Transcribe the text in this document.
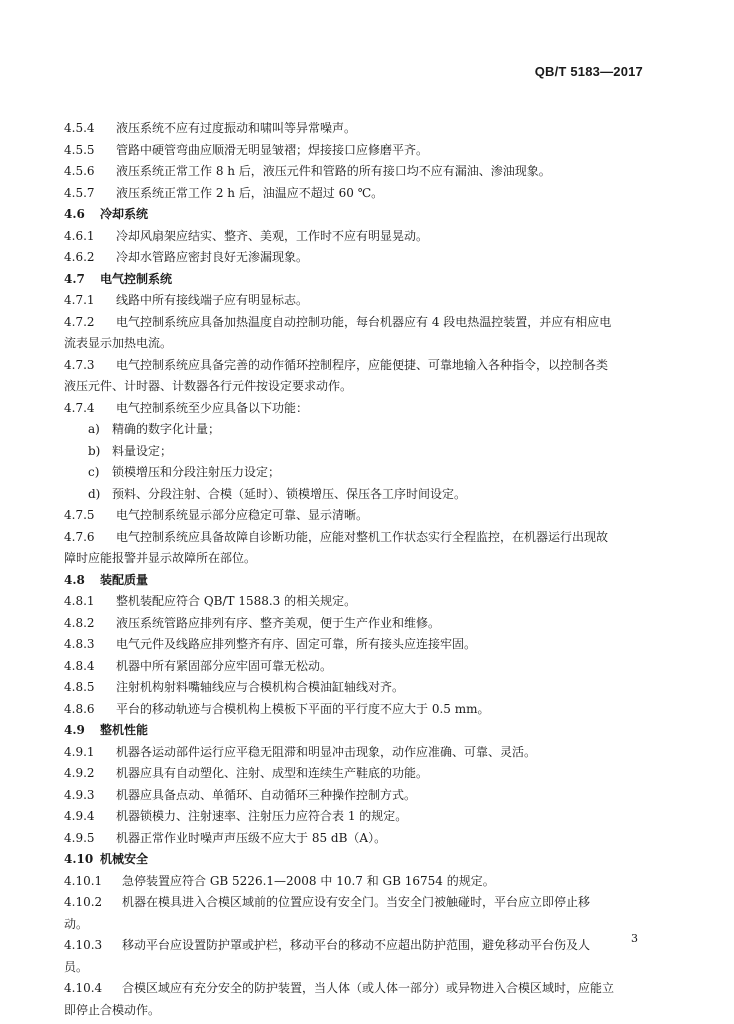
QB/T 5183—2017
4.5.4 液压系统不应有过度振动和啸叫等异常噪声。
4.5.5 管路中硬管弯曲应顺滑无明显皱褶；焊接接口应修磨平齐。
4.5.6 液压系统正常工作 8 h 后，液压元件和管路的所有接口均不应有漏油、渗油现象。
4.5.7 液压系统正常工作 2 h 后，油温应不超过 60 ℃。
4.6 冷却系统
4.6.1 冷却风扇架应结实、整齐、美观，工作时不应有明显晃动。
4.6.2 冷却水管路应密封良好无渗漏现象。
4.7 电气控制系统
4.7.1 线路中所有接线端子应有明显标志。
4.7.2 电气控制系统应具备加热温度自动控制功能，每台机器应有 4 段电热温控装置，并应有相应电
流表显示加热电流。
4.7.3 电气控制系统应具备完善的动作循环控制程序，应能便捷、可靠地输入各种指令，以控制各类
液压元件、计时器、计数器各行元件按设定要求动作。
4.7.4 电气控制系统至少应具备以下功能：
a) 精确的数字化计量；
b) 料量设定；
c) 锁模增压和分段注射压力设定；
d) 预料、分段注射、合模（延时）、锁模增压、保压各工序时间设定。
4.7.5 电气控制系统显示部分应稳定可靠、显示清晰。
4.7.6 电气控制系统应具备故障自诊断功能，应能对整机工作状态实行全程监控，在机器运行出现故
障时应能报警并显示故障所在部位。
4.8 装配质量
4.8.1 整机装配应符合 QB/T 1588.3 的相关规定。
4.8.2 液压系统管路应排列有序、整齐美观，便于生产作业和维修。
4.8.3 电气元件及线路应排列整齐有序、固定可靠，所有接头应连接牢固。
4.8.4 机器中所有紧固部分应牢固可靠无松动。
4.8.5 注射机构射料嘴轴线应与合模机构合模油缸轴线对齐。
4.8.6 平台的移动轨迹与合模机构上模板下平面的平行度不应大于 0.5 mm。
4.9 整机性能
4.9.1 机器各运动部件运行应平稳无阻滞和明显冲击现象，动作应准确、可靠、灵活。
4.9.2 机器应具有自动塑化、注射、成型和连续生产鞋底的功能。
4.9.3 机器应具备点动、单循环、自动循环三种操作控制方式。
4.9.4 机器锁模力、注射速率、注射压力应符合表 1 的规定。
4.9.5 机器正常作业时噪声声压级不应大于 85 dB（A）。
4.10 机械安全
4.10.1 急停装置应符合 GB 5226.1—2008 中 10.7 和 GB 16754 的规定。
4.10.2 机器在模具进入合模区域前的位置应设有安全门。当安全门被触碰时，平台应立即停止移
动。
4.10.3 移动平台应设置防护罩或护栏，移动平台的移动不应超出防护范围，避免移动平台伤及人
员。
4.10.4 合模区域应有充分安全的防护装置，当人体（或人体一部分）或异物进入合模区域时，应能立
即停止合模动作。
3
